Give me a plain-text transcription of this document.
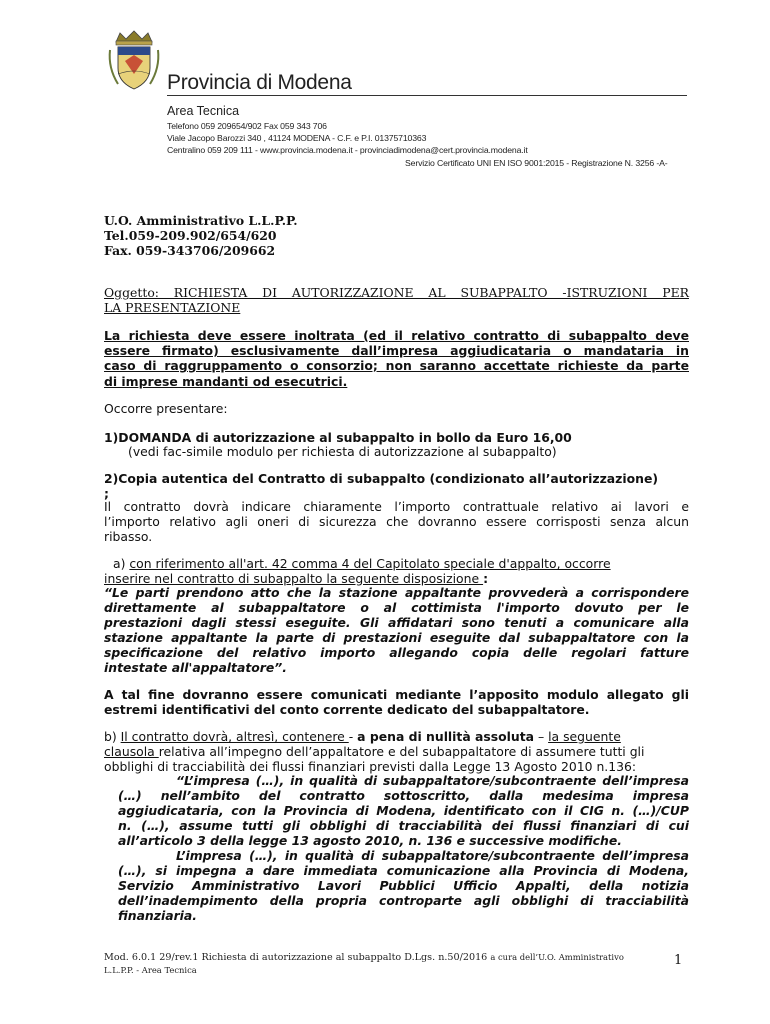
Provincia di Modena
Area Tecnica
Telefono 059 209654/902 Fax 059 343 706
Viale Jacopo Barozzi 340 , 41124 MODENA - C.F. e P.I. 01375710363
Centralino 059 209 111 - www.provincia.modena.it - provinciadimodena@cert.provincia.modena.it
Servizio Certificato UNI EN ISO 9001:2015 - Registrazione N. 3256 -A-
U.O. Amministrativo L.L.P.P.
Tel.059-209.902/654/620
Fax. 059-343706/209662
Oggetto: RICHIESTA DI AUTORIZZAZIONE AL SUBAPPALTO -ISTRUZIONI PER
LA PRESENTAZIONE
La richiesta deve essere inoltrata (ed il relativo contratto di subappalto deve
essere firmato) esclusivamente dall’impresa aggiudicataria o mandataria in
caso di raggruppamento o consorzio; non saranno accettate richieste da parte
di imprese mandanti od esecutrici.
Occorre presentare:
1)DOMANDA di autorizzazione al subappalto in bollo da Euro 16,00
(vedi fac-simile modulo per richiesta di autorizzazione al subappalto)
2)Copia autentica del Contratto di subappalto (condizionato all’autorizzazione)
;
Il contratto dovrà indicare chiaramente l’importo contrattuale relativo ai lavori e
l’importo relativo agli oneri di sicurezza che dovranno essere corrisposti senza alcun
ribasso.
a) con riferimento all'art. 42 comma 4 del Capitolato speciale d'appalto, occorre
inserire nel contratto di subappalto la seguente disposizione :
“Le parti prendono atto che la stazione appaltante provvederà a corrispondere
direttamente al subappaltatore o al cottimista l'importo dovuto per le
prestazioni dagli stessi eseguite. Gli affidatari sono tenuti a comunicare alla
stazione appaltante la parte di prestazioni eseguite dal subappaltatore con la
specificazione del relativo importo allegando copia delle regolari fatture
intestate all'appaltatore”.
A tal fine dovranno essere comunicati mediante l’apposito modulo allegato gli
estremi identificativi del conto corrente dedicato del subappaltatore.
b) Il contratto dovrà, altresì, contenere - a pena di nullità assoluta – la seguente
clausola relativa all’impegno dell’appaltatore e del subappaltatore di assumere tutti gli
obblighi di tracciabilità dei flussi finanziari previsti dalla Legge 13 Agosto 2010 n.136:
“L’impresa (…), in qualità di subappaltatore/subcontraente dell’impresa
(…) nell’ambito del contratto sottoscritto, dalla medesima impresa
aggiudicataria, con la Provincia di Modena, identificato con il CIG n. (…)/CUP
n. (…), assume tutti gli obblighi di tracciabilità dei flussi finanziari di cui
all’articolo 3 della legge 13 agosto 2010, n. 136 e successive modifiche.
L’impresa (…), in qualità di subappaltatore/subcontraente dell’impresa
(…), si impegna a dare immediata comunicazione alla Provincia di Modena,
Servizio Amministrativo Lavori Pubblici Ufficio Appalti, della notizia
dell’inadempimento della propria controparte agli obblighi di tracciabilità
finanziaria.
Mod. 6.0.1 29/rev.1 Richiesta di autorizzazione al subappalto D.Lgs. n.50/2016 a cura dell’U.O. Amministrativo
L.L.P.P. - Area Tecnica
1
